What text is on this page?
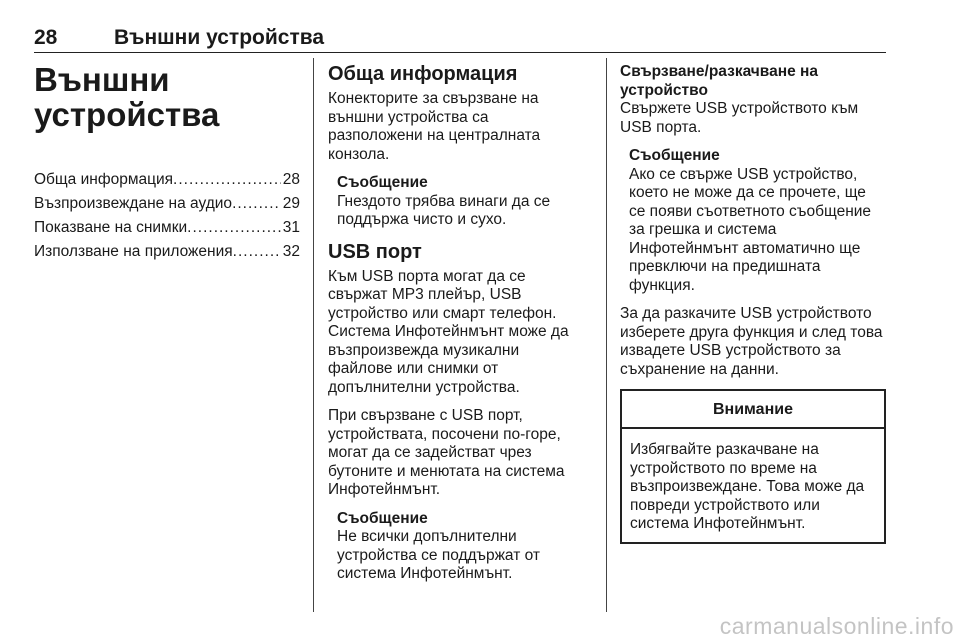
28	Външни устройства
Външни устройства
Обща информация .....	28
Възпроизвеждане на аудио .....	29
Показване на снимки .....	31
Използване на приложения .....	32
Обща информация

Конекторите за свързване на външни устройства са разположени на централната конзола.

Съобщение

Гнездото трябва винаги да се поддържа чисто и сухо.

USB порт

Към USB порта могат да се свържат MP3 плейър, USB устройство или смарт телефон. Система Инфотейнмънт може да възпроизвежда музикални файлове или снимки от допълнителни устройства.

При свързване с USB порт, устройствата, посочени по-горе, могат да се задействат чрез бутоните и менютата на система Инфотейнмънт.

Съобщение

Не всички допълнителни устройства се поддържат от система Инфотейнмънт.

Свързване/разкачване на устройство

Свържете USB устройството към USB порта.

Съобщение

Ако се свърже USB устройство, което не може да се прочете, ще се появи съответното съобщение за грешка и система Инфотейнмънт автоматично ще превключи на предишната функция.

За да разкачите USB устройството изберете друга функция и след това извадете USB устройството за съхранение на данни.

Внимание

Избягвайте разкачване на устройството по време на възпроизвеждане. Това може да повреди устройството или система Инфотейнмънт.

carmanualsonline.info
